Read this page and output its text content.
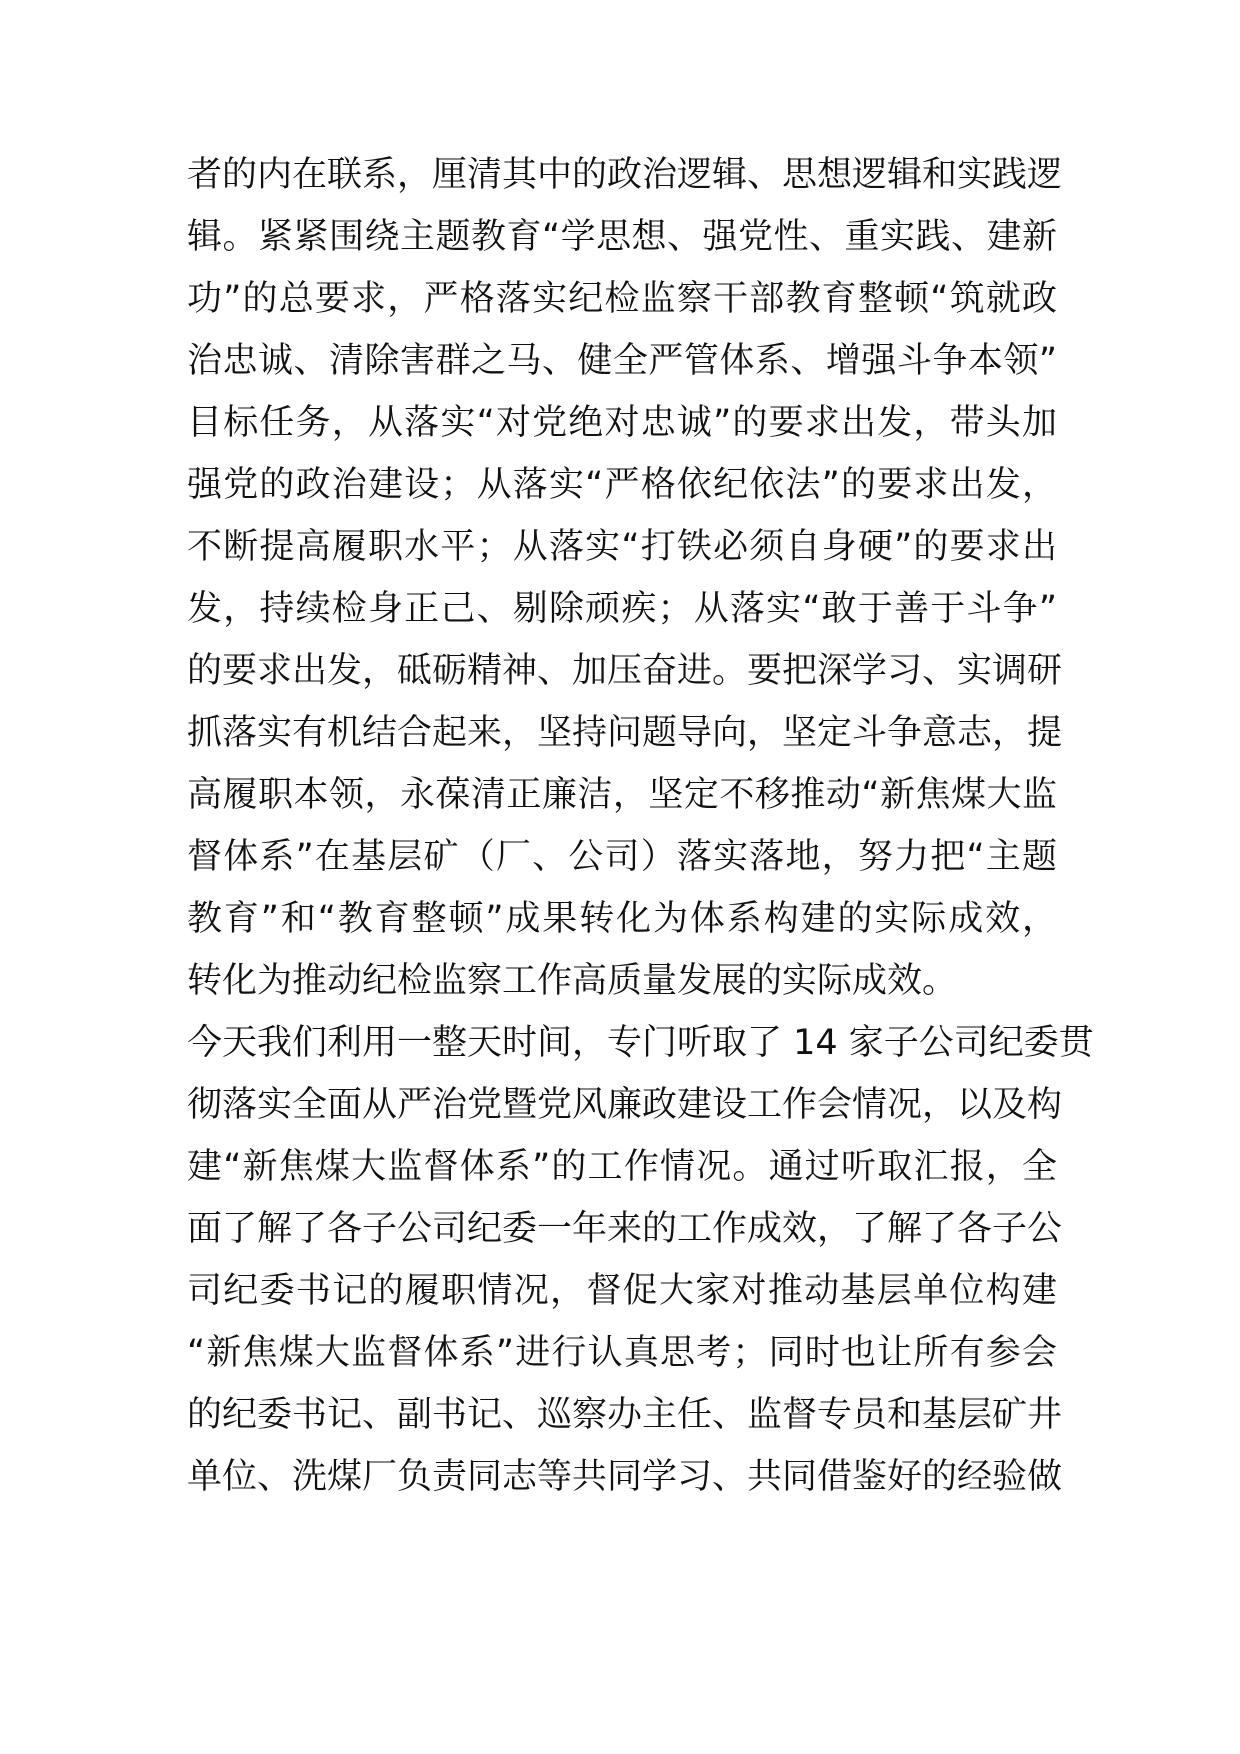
者的内在联系，厘清其中的政治逻辑、思想逻辑和实践逻

辑。紧紧围绕主题教育“学思想、强党性、重实践、建新

功”的总要求，严格落实纪检监察干部教育整顿“筑就政

治忠诚、清除害群之马、健全严管体系、增强斗争本领”

目标任务，从落实“对党绝对忠诚”的要求出发，带头加

强党的政治建设；从落实“严格依纪依法”的要求出发，

不断提高履职水平；从落实“打铁必须自身硬”的要求出

发，持续检身正己、剔除顽疾；从落实“敢于善于斗争”

的要求出发，砥砺精神、加压奋进。要把深学习、实调研

抓落实有机结合起来，坚持问题导向，坚定斗争意志，提

高履职本领，永葆清正廉洁，坚定不移推动“新焦煤大监

督体系”在基层矿（厂、公司）落实落地，努力把“主题

教育”和“教育整顿”成果转化为体系构建的实际成效，

转化为推动纪检监察工作高质量发展的实际成效。

今天我们利用一整天时间，专门听取了 14 家子公司纪委贯

彻落实全面从严治党暨党风廉政建设工作会情况，以及构

建“新焦煤大监督体系”的工作情况。通过听取汇报，全

面了解了各子公司纪委一年来的工作成效，了解了各子公

司纪委书记的履职情况，督促大家对推动基层单位构建

“新焦煤大监督体系”进行认真思考；同时也让所有参会

的纪委书记、副书记、巡察办主任、监督专员和基层矿井

单位、洗煤厂负责同志等共同学习、共同借鉴好的经验做
